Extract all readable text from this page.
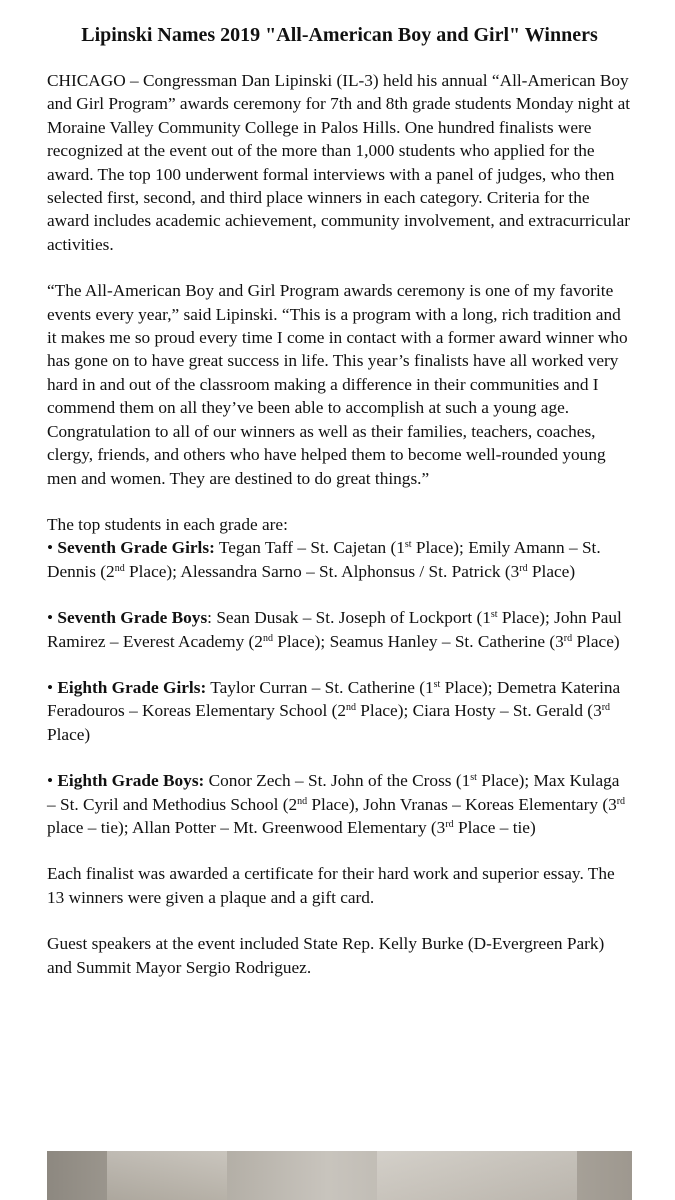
Lipinski Names 2019 "All-American Boy and Girl" Winners

CHICAGO – Congressman Dan Lipinski (IL-3) held his annual “All-American Boy and Girl Program” awards ceremony for 7th and 8th grade students Monday night at Moraine Valley Community College in Palos Hills. One hundred finalists were recognized at the event out of the more than 1,000 students who applied for the award. The top 100 underwent formal interviews with a panel of judges, who then selected first, second, and third place winners in each category. Criteria for the award includes academic achievement, community involvement, and extracurricular activities.

“The All-American Boy and Girl Program awards ceremony is one of my favorite events every year,” said Lipinski. “This is a program with a long, rich tradition and it makes me so proud every time I come in contact with a former award winner who has gone on to have great success in life. This year’s finalists have all worked very hard in and out of the classroom making a difference in their communities and I commend them on all they’ve been able to accomplish at such a young age. Congratulation to all of our winners as well as their families, teachers, coaches, clergy, friends, and others who have helped them to become well-rounded young men and women. They are destined to do great things.”

The top students in each grade are:

• Seventh Grade Girls: Tegan Taff – St. Cajetan (1st Place); Emily Amann – St. Dennis (2nd Place); Alessandra Sarno – St. Alphonsus / St. Patrick (3rd Place)

• Seventh Grade Boys: Sean Dusak – St. Joseph of Lockport (1st Place); John Paul Ramirez – Everest Academy (2nd Place); Seamus Hanley – St. Catherine (3rd Place)

• Eighth Grade Girls: Taylor Curran – St. Catherine (1st Place); Demetra Katerina Feradouros – Koreas Elementary School (2nd Place); Ciara Hosty – St. Gerald (3rd Place)

• Eighth Grade Boys: Conor Zech – St. John of the Cross (1st Place); Max Kulaga – St. Cyril and Methodius School (2nd Place), John Vranas – Koreas Elementary (3rd place – tie); Allan Potter – Mt. Greenwood Elementary (3rd Place – tie)

Each finalist was awarded a certificate for their hard work and superior essay. The 13 winners were given a plaque and a gift card.

Guest speakers at the event included State Rep. Kelly Burke (D-Evergreen Park) and Summit Mayor Sergio Rodriguez.
